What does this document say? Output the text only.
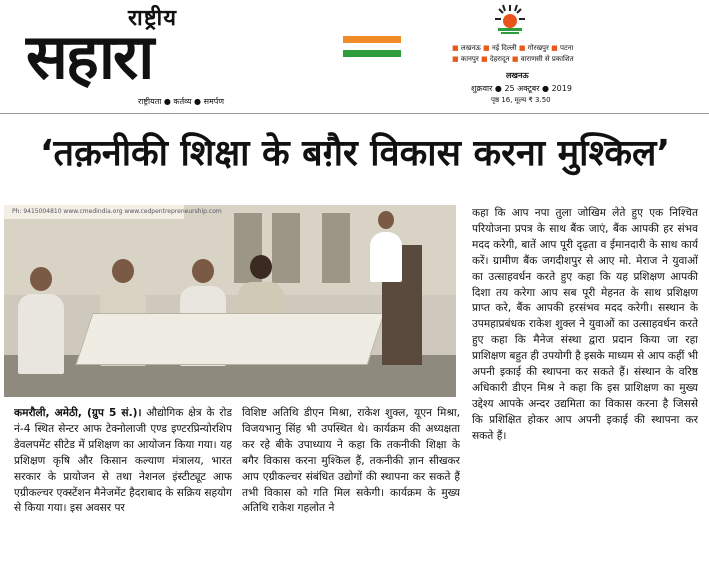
राष्ट्रीय
सहारा
राष्ट्रीयता ● कर्तव्य ● समर्पण
■ लखनऊ ■ नई दिल्ली ■ गोरखपुर ■ पटना
■ कानपुर ■ देहरादून ■ वाराणसी से प्रकाशित
लखनऊ
शुक्रवार ● 25 अक्टूबर ● 2019
पृष्ठ 16, मूल्य ₹ 3.50
‘तक़नीकी शिक्षा के बग़ैर विकास करना मुश्किल’
Ph: 9415004810 www.cmedindia.org www.cedpentrepreneurship.com	कहा कि आप नपा तुला जोखिम लेते हुए एक निश्चित परियोजना प्रपत्र के साथ बैंक जाएं, बैंक आपकी हर संभव मदद करेगी, बातें आप पूरी दृढ़ता व ईमानदारी के साथ कार्य करें। ग्रामीण बैंक जगदीशपुर से आए मो. मेराज ने युवाओं का उत्साहवर्धन करते हुए कहा कि यह प्रशिक्षण आपकी दिशा तय करेगा आप सब पूरी मेहनत के साथ प्रशिक्षण प्राप्त करे, बैंक आपकी हरसंभव मदद करेगी। सस्थान के उपमहाप्रबंधक राकेश शुक्ल ने युवाओं का उत्साहवर्धन करते हुए कहा कि मैनेज संस्था द्वारा प्रदान किया जा रहा प्राशिक्षण बहुत ही उपयोगी है इसके माध्यम से आप कहीं भी अपनी इकाई की स्थापना कर सकते हैं। संस्थान के वरिष्ठ अधिकारी डीएन मिश्र ने कहा कि इस प्राशिक्षण का मुख्य उद्देश्य आपके अन्दर उद्यमिता का विकास करना है जिससे कि प्रशिक्षित होकर आप अपनी इकाई की स्थापना कर सकते हैं।
कमरौली, अमेठी, (ग्रुप 5 सं.)। औद्योगिक क्षेत्र के रोड नं-4 स्थित सेन्टर आफ टेक्नोलाजी एण्ड इण्टरप्रिन्योरशिप डेवलपमेंट सीटेड में प्रशिक्षण का आयोजन किया गया। यह प्रशिक्षण कृषि और किसान कल्याण मंत्रालय, भारत सरकार के प्रायोजन से तथा नेशनल इंस्टीट्यूट आफ एग्रीकल्चर एक्स्टेंशन मैनेजमेंट हैदराबाद के सक्रिय सहयोग से किया गया। इस अवसर पर
विशिष्ट अतिथि डीएन मिश्रा, राकेश शुक्ल, यूएन मिश्रा, विजयभानु सिंह भी उपस्थित थे। कार्यक्रम की अध्यक्षता कर रहे बीके उपाध्याय ने कहा कि तकनीकी शिक्षा के बगैर विकास करना मुश्किल हैं, तकनीकी ज्ञान सीखकर आप एग्रीकल्चर संबंधित उद्योगों की स्थापना कर सकते हैं तभी विकास को गति मिल सकेगी। कार्यक्रम के मुख्य अतिथि राकेश गहलोत ने
